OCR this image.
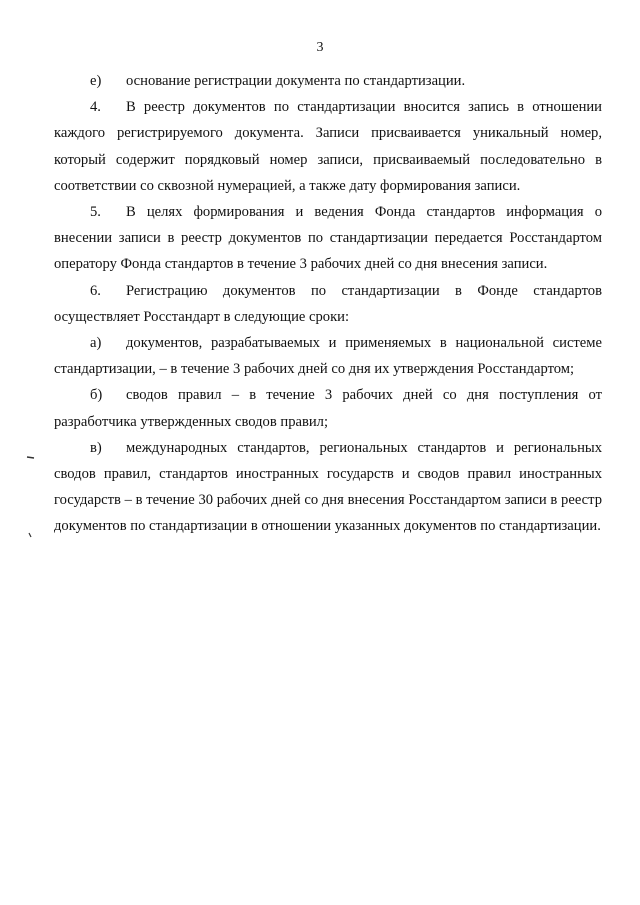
3

е) основание регистрации документа по стандартизации.

4. В реестр документов по стандартизации вносится запись в отношении каждого регистрируемого документа. Записи присваивается уникальный номер, который содержит порядковый номер записи, присваиваемый последовательно в соответствии со сквозной нумерацией, а также дату формирования записи.

5. В целях формирования и ведения Фонда стандартов информация о внесении записи в реестр документов по стандартизации передается Росстандартом оператору Фонда стандартов в течение 3 рабочих дней со дня внесения записи.

6. Регистрацию документов по стандартизации в Фонде стандартов осуществляет Росстандарт в следующие сроки:

а) документов, разрабатываемых и применяемых в национальной системе стандартизации, – в течение 3 рабочих дней со дня их утверждения Росстандартом;

б) сводов правил – в течение 3 рабочих дней со дня поступления от разработчика утвержденных сводов правил;

в) международных стандартов, региональных стандартов и региональных сводов правил, стандартов иностранных государств и сводов правил иностранных государств – в течение 30 рабочих дней со дня внесения Росстандартом записи в реестр документов по стандартизации в отношении указанных документов по стандартизации.
